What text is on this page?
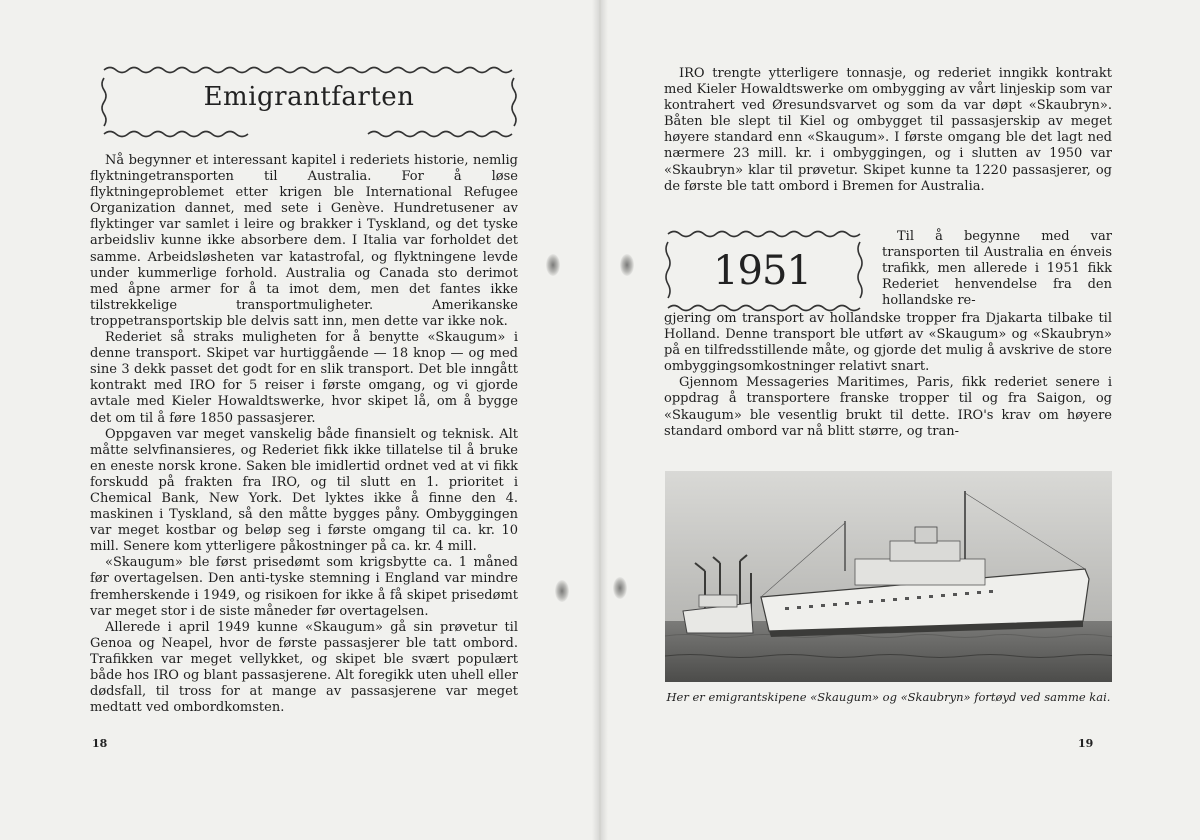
Emigrantfarten

Nå begynner et interessant kapitel i rederiets historie, nemlig flyktningetransporten til Australia. For å løse flyktningeproblemet etter krigen ble International Refugee Organization dannet, med sete i Genève. Hundretusener av flyktinger var samlet i leire og brakker i Tyskland, og det tyske arbeidsliv kunne ikke absorbere dem. I Italia var forholdet det samme. Arbeidsløsheten var katastrofal, og flyktningene levde under kummerlige forhold. Australia og Canada sto derimot med åpne armer for å ta imot dem, men det fantes ikke tilstrekkelige transportmuligheter. Amerikanske troppetransportskip ble delvis satt inn, men dette var ikke nok.

Rederiet så straks muligheten for å benytte «Skaugum» i denne transport. Skipet var hurtiggående — 18 knop — og med sine 3 dekk passet det godt for en slik transport. Det ble inngått kontrakt med IRO for 5 reiser i første omgang, og vi gjorde avtale med Kieler Howaldtswerke, hvor skipet lå, om å bygge det om til å føre 1850 passasjerer.

Oppgaven var meget vanskelig både finansielt og teknisk. Alt måtte selvfinansieres, og Rederiet fikk ikke tillatelse til å bruke en eneste norsk krone. Saken ble imidlertid ordnet ved at vi fikk forskudd på frakten fra IRO, og til slutt en 1. prioritet i Chemical Bank, New York. Det lyktes ikke å finne den 4. maskinen i Tyskland, så den måtte bygges påny. Ombyggingen var meget kostbar og beløp seg i første omgang til ca. kr. 10 mill. Senere kom ytterligere påkostninger på ca. kr. 4 mill.

«Skaugum» ble først prisedømt som krigsbytte ca. 1 måned før overtagelsen. Den anti-tyske stemning i England var mindre fremherskende i 1949, og risikoen for ikke å få skipet prisedømt var meget stor i de siste måneder før overtagelsen.

Allerede i april 1949 kunne «Skaugum» gå sin prøvetur til Genoa og Neapel, hvor de første passasjerer ble tatt ombord. Trafikken var meget vellykket, og skipet ble svært populært både hos IRO og blant passasjerene. Alt foregikk uten uhell eller dødsfall, til tross for at mange av passasjerene var meget medtatt ved ombordkomsten.

18

IRO trengte ytterligere tonnasje, og rederiet inngikk kontrakt med Kieler Howaldtswerke om ombygging av vårt linjeskip som var kontrahert ved Øresundsvarvet og som da var døpt «Skaubryn». Båten ble slept til Kiel og ombygget til passasjerskip av meget høyere standard enn «Skaugum». I første omgang ble det lagt ned nærmere 23 mill. kr. i ombyggingen, og i slutten av 1950 var «Skaubryn» klar til prøvetur. Skipet kunne ta 1220 passasjerer, og de første ble tatt ombord i Bremen for Australia.

1951

Til å begynne med var transporten til Australia en énveis trafikk, men allerede i 1951 fikk Rederiet henvendelse fra den hollandske re-

gjering om transport av hollandske tropper fra Djakarta tilbake til Holland. Denne transport ble utført av «Skaugum» og «Skaubryn» på en tilfredsstillende måte, og gjorde det mulig å avskrive de store ombyggingsomkostninger relativt snart.

Gjennom Messageries Maritimes, Paris, fikk rederiet senere i oppdrag å transportere franske tropper til og fra Saigon, og «Skaugum» ble vesentlig brukt til dette. IRO's krav om høyere standard ombord var nå blitt større, og tran-

Her er emigrantskipene «Skaugum» og «Skaubryn» fortøyd ved samme kai.
19
